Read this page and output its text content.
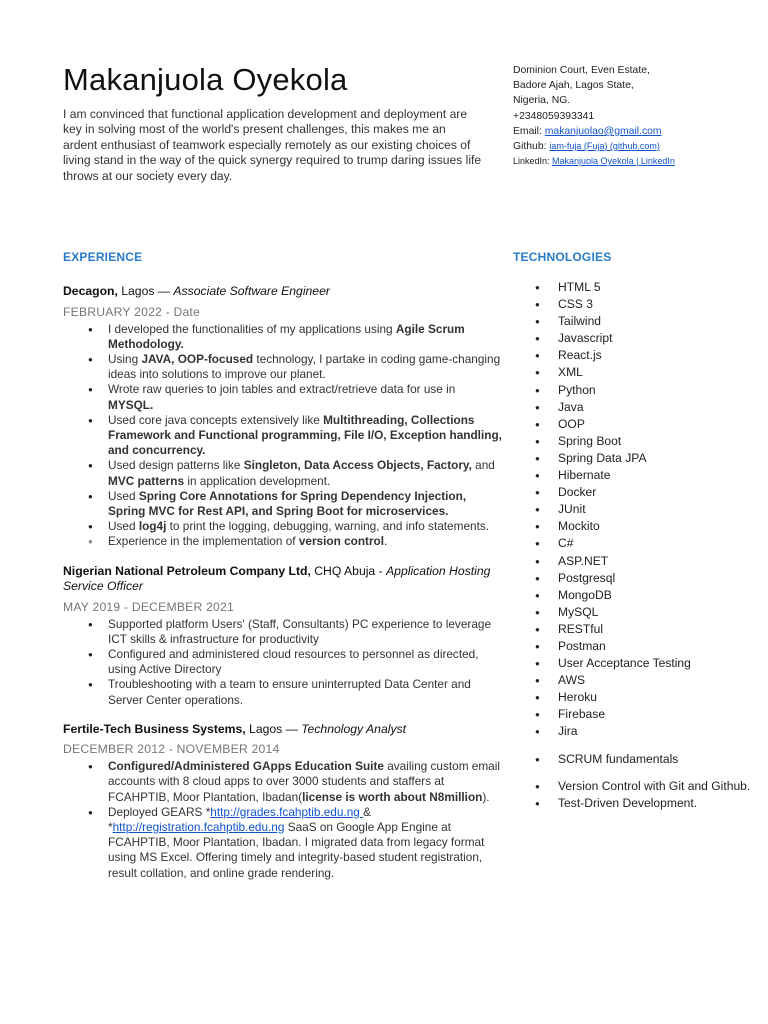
Makanjuola Oyekola

I am convinced that functional application development and deployment are key in solving most of the world's present challenges, this makes me an ardent enthusiast of teamwork especially remotely as our existing choices of living stand in the way of the quick synergy required to trump daring issues life throws at our society every day.

Dominion Court, Even Estate,
Badore Ajah, Lagos State,
Nigeria, NG.
+2348059393341
Email: makanjuolao@gmail.com
Github: iam-fuja (Fuja) (github.com)
LinkedIn: Makanjuola Oyekola | LinkedIn
EXPERIENCE	TECHNOLOGIES

Decagon, Lagos — Associate Software Engineer

FEBRUARY 2022 - Date
● I developed the functionalities of my applications using Agile Scrum Methodology.
● Using JAVA, OOP-focused technology, I partake in coding game-changing ideas into solutions to improve our planet.
● Wrote raw queries to join tables and extract/retrieve data for use in MYSQL.
● Used core java concepts extensively like Multithreading, Collections Framework and Functional programming, File I/O, Exception handling, and concurrency.
● Used design patterns like Singleton, Data Access Objects, Factory, and MVC patterns in application development.
● Used Spring Core Annotations for Spring Dependency Injection, Spring MVC for Rest API, and Spring Boot for microservices.
● Used log4j to print the logging, debugging, warning, and info statements.
● Experience in the implementation of version control.

Nigerian National Petroleum Company Ltd, CHQ Abuja - Application Hosting Service Officer

MAY 2019 - DECEMBER 2021
● Supported platform Users' (Staff, Consultants) PC experience to leverage ICT skills & infrastructure for productivity
● Configured and administered cloud resources to personnel as directed, using Active Directory
● Troubleshooting with a team to ensure uninterrupted Data Center and Server Center operations.

Fertile-Tech Business Systems, Lagos — Technology Analyst

DECEMBER 2012 - NOVEMBER 2014
● Configured/Administered GApps Education Suite availing custom email accounts with 8 cloud apps to over 3000 students and staffers at FCAHPTIB, Moor Plantation, Ibadan(license is worth about N8million).
● Deployed GEARS *http://grades.fcahptib.edu.ng & *http://registration.fcahptib.edu.ng SaaS on Google App Engine at FCAHPTIB, Moor Plantation, Ibadan. I migrated data from legacy format using MS Excel. Offering timely and integrity-based student registration, result collation, and online grade rendering.
● HTML 5
● CSS 3
● Tailwind
● Javascript
● React.js
● XML
● Python
● Java
● OOP
● Spring Boot
● Spring Data JPA
● Hibernate
● Docker
● JUnit
● Mockito
● C#
● ASP.NET
● Postgresql
● MongoDB
● MySQL
● RESTful
● Postman
● User Acceptance Testing
● AWS
● Heroku
● Firebase
● Jira
● SCRUM fundamentals
● Version Control with Git and Github.
● Test-Driven Development.
